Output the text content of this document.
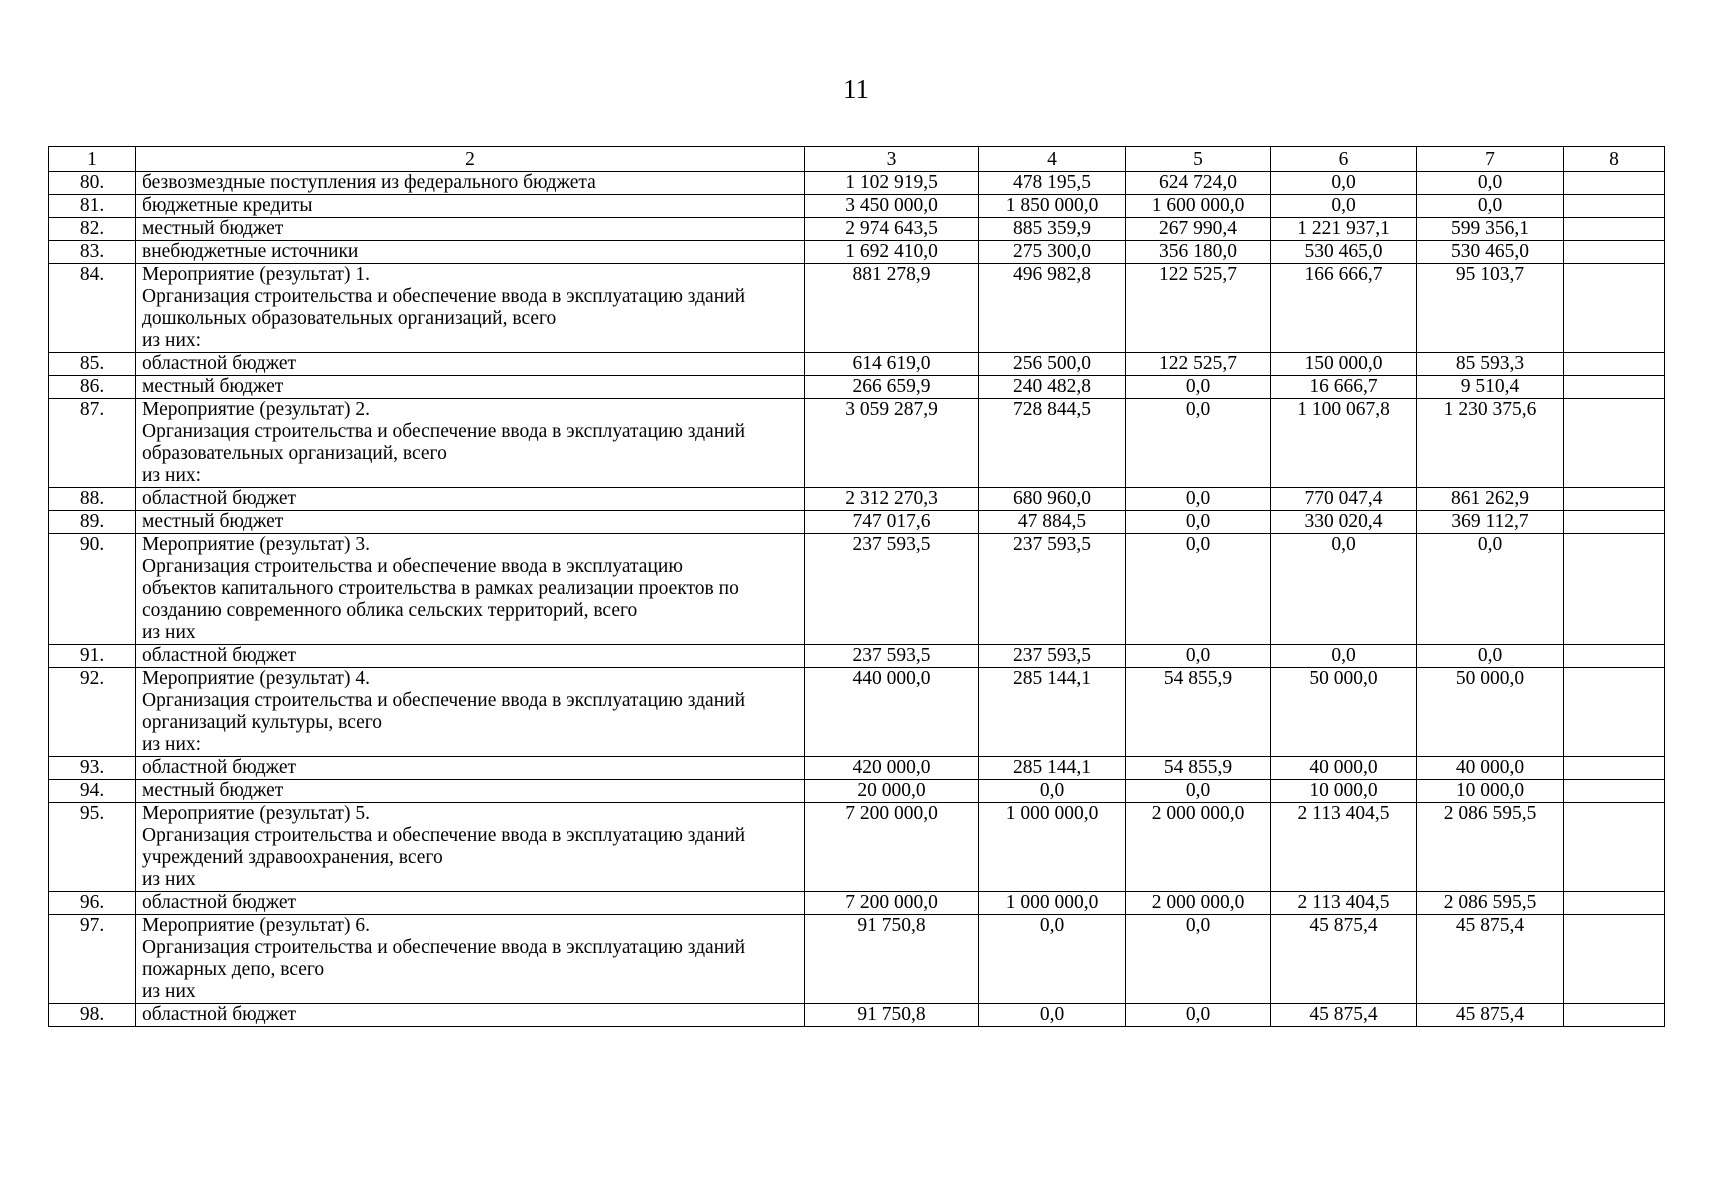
11
1	2	3	4	5	6	7	8
80.	безвозмездные поступления из федерального бюджета	1 102 919,5	478 195,5	624 724,0	0,0	0,0	
81.	бюджетные кредиты	3 450 000,0	1 850 000,0	1 600 000,0	0,0	0,0	
82.	местный бюджет	2 974 643,5	885 359,9	267 990,4	1 221 937,1	599 356,1	
83.	внебюджетные источники	1 692 410,0	275 300,0	356 180,0	530 465,0	530 465,0	
84.	Мероприятие (результат) 1.
Организация строительства и обеспечение ввода в эксплуатацию зданий
дошкольных образовательных организаций, всего
из них:	881 278,9	496 982,8	122 525,7	166 666,7	95 103,7	
85.	областной бюджет	614 619,0	256 500,0	122 525,7	150 000,0	85 593,3	
86.	местный бюджет	266 659,9	240 482,8	0,0	16 666,7	9 510,4	
87.	Мероприятие (результат) 2.
Организация строительства и обеспечение ввода в эксплуатацию зданий
образовательных организаций, всего
из них:	3 059 287,9	728 844,5	0,0	1 100 067,8	1 230 375,6	
88.	областной бюджет	2 312 270,3	680 960,0	0,0	770 047,4	861 262,9	
89.	местный бюджет	747 017,6	47 884,5	0,0	330 020,4	369 112,7	
90.	Мероприятие (результат) 3.
Организация строительства и обеспечение ввода в эксплуатацию
объектов капитального строительства в рамках реализации проектов по
созданию современного облика сельских территорий, всего
из них	237 593,5	237 593,5	0,0	0,0	0,0	
91.	областной бюджет	237 593,5	237 593,5	0,0	0,0	0,0	
92.	Мероприятие (результат) 4.
Организация строительства и обеспечение ввода в эксплуатацию зданий
организаций культуры, всего
из них:	440 000,0	285 144,1	54 855,9	50 000,0	50 000,0	
93.	областной бюджет	420 000,0	285 144,1	54 855,9	40 000,0	40 000,0	
94.	местный бюджет	20 000,0	0,0	0,0	10 000,0	10 000,0	
95.	Мероприятие (результат) 5.
Организация строительства и обеспечение ввода в эксплуатацию зданий
учреждений здравоохранения, всего
из них	7 200 000,0	1 000 000,0	2 000 000,0	2 113 404,5	2 086 595,5	
96.	областной бюджет	7 200 000,0	1 000 000,0	2 000 000,0	2 113 404,5	2 086 595,5	
97.	Мероприятие (результат) 6.
Организация строительства и обеспечение ввода в эксплуатацию зданий
пожарных депо, всего
из них	91 750,8	0,0	0,0	45 875,4	45 875,4	
98.	областной бюджет	91 750,8	0,0	0,0	45 875,4	45 875,4	
